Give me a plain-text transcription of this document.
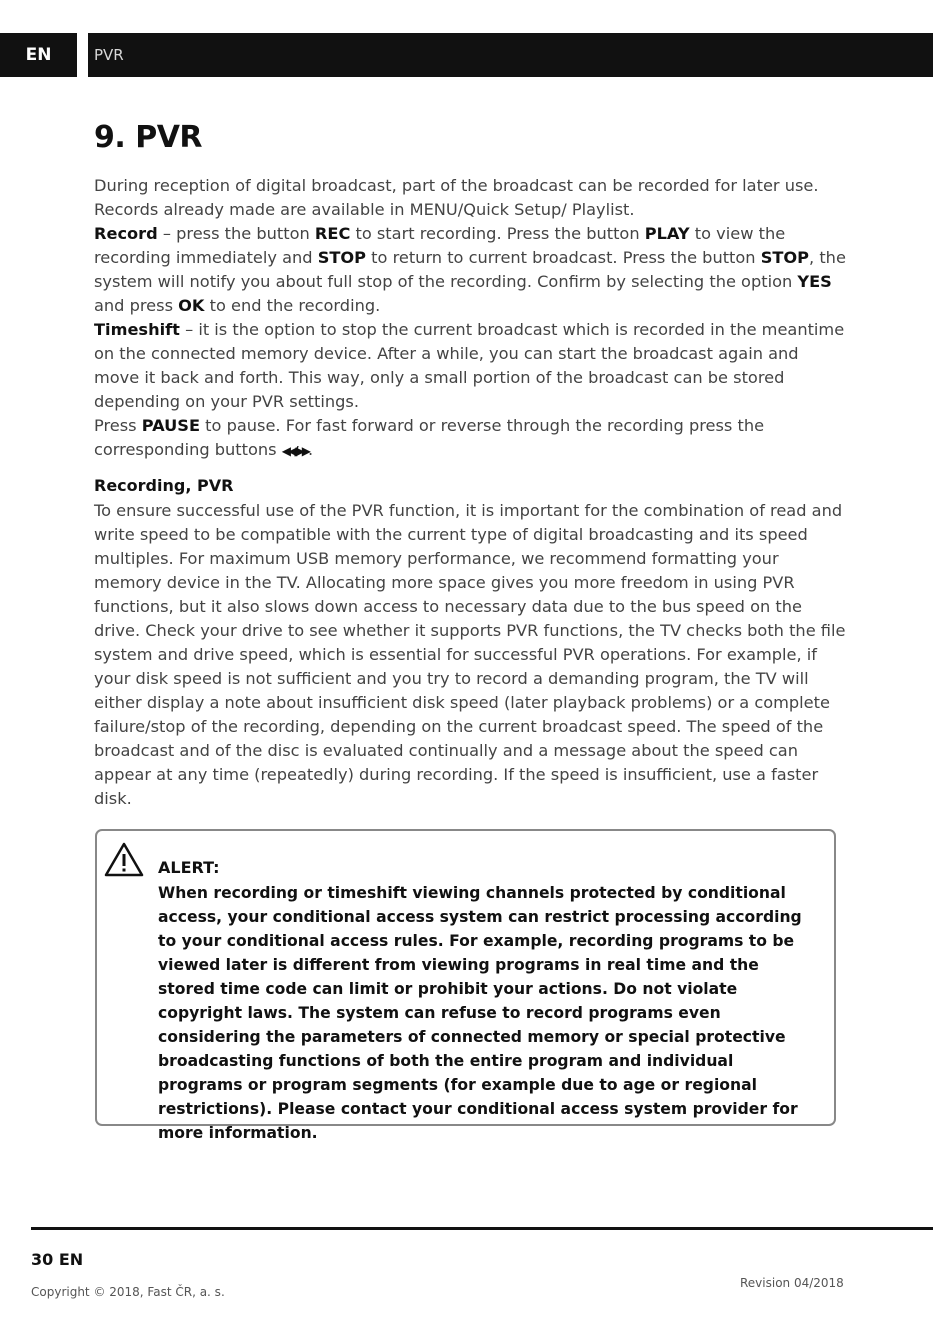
EN	PVR
9. PVR

During reception of digital broadcast, part of the broadcast can be recorded for later use. Records already made are available in MENU/Quick Setup/ Playlist.
Record – press the button REC to start recording. Press the button PLAY to view the recording immediately and STOP to return to current broadcast. Press the button STOP, the system will notify you about full stop of the recording. Confirm by selecting the option YES and press OK to end the recording.
Timeshift – it is the option to stop the current broadcast which is recorded in the meantime on the connected memory device. After a while, you can start the broadcast again and move it back and forth. This way, only a small portion of the broadcast can be stored depending on your PVR settings.
Press PAUSE to pause. For fast forward or reverse through the recording press the corresponding buttons ◀◀/▶▶.

Recording, PVR

To ensure successful use of the PVR function, it is important for the combination of read and write speed to be compatible with the current type of digital broadcasting and its speed multiples. For maximum USB memory performance, we recommend formatting your memory device in the TV. Allocating more space gives you more freedom in using PVR functions, but it also slows down access to necessary data due to the bus speed on the drive. Check your drive to see whether it supports PVR functions, the TV checks both the file system and drive speed, which is essential for successful PVR operations. For example, if your disk speed is not sufficient and you try to record a demanding program, the TV will either display a note about insufficient disk speed (later playback problems) or a complete failure/stop of the recording, depending on the current broadcast speed. The speed of the broadcast and of the disc is evaluated continually and a message about the speed can appear at any time (repeatedly) during recording. If the speed is insufficient, use a faster disk.

ALERT:

When recording or timeshift viewing channels protected by conditional access, your conditional access system can restrict processing according to your conditional access rules. For example, recording programs to be viewed later is different from viewing programs in real time and the stored time code can limit or prohibit your actions. Do not violate copyright laws. The system can refuse to record programs even considering the parameters of connected memory or special protective broadcasting functions of both the entire program and individual programs or program segments (for example due to age or regional restrictions). Please contact your conditional access system provider for more information.

30 EN
Copyright © 2018, Fast ČR, a. s.
Revision 04/2018
